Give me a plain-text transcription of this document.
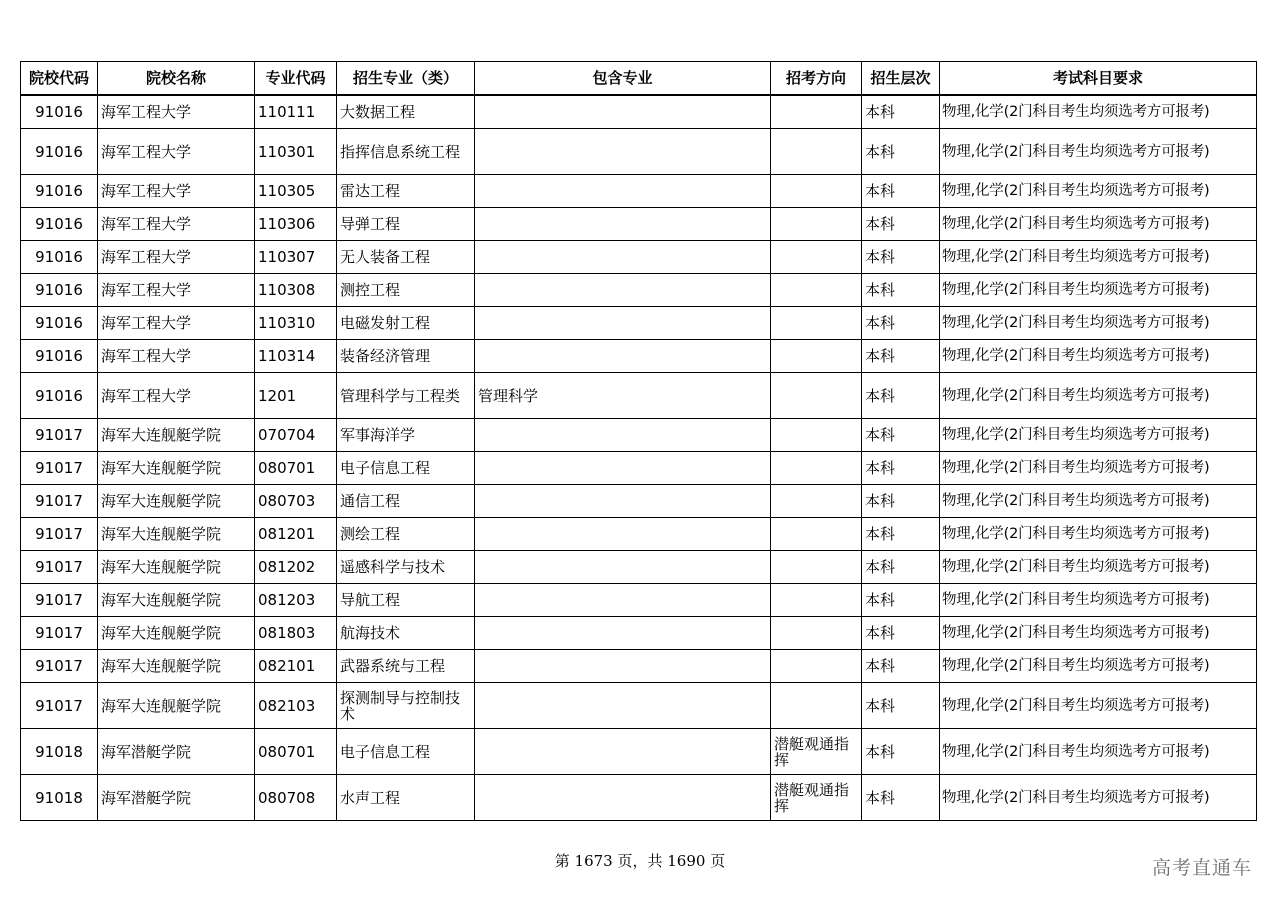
院校代码	院校名称	专业代码	招生专业（类）	包含专业	招考方向	招生层次	考试科目要求
91016	海军工程大学	110111	大数据工程			本科	物理,化学(2门科目考生均须选考方可报考)
91016	海军工程大学	110301	指挥信息系统工程			本科	物理,化学(2门科目考生均须选考方可报考)
91016	海军工程大学	110305	雷达工程			本科	物理,化学(2门科目考生均须选考方可报考)
91016	海军工程大学	110306	导弹工程			本科	物理,化学(2门科目考生均须选考方可报考)
91016	海军工程大学	110307	无人装备工程			本科	物理,化学(2门科目考生均须选考方可报考)
91016	海军工程大学	110308	测控工程			本科	物理,化学(2门科目考生均须选考方可报考)
91016	海军工程大学	110310	电磁发射工程			本科	物理,化学(2门科目考生均须选考方可报考)
91016	海军工程大学	110314	装备经济管理			本科	物理,化学(2门科目考生均须选考方可报考)
91016	海军工程大学	1201	管理科学与工程类	管理科学		本科	物理,化学(2门科目考生均须选考方可报考)
91017	海军大连舰艇学院	070704	军事海洋学			本科	物理,化学(2门科目考生均须选考方可报考)
91017	海军大连舰艇学院	080701	电子信息工程			本科	物理,化学(2门科目考生均须选考方可报考)
91017	海军大连舰艇学院	080703	通信工程			本科	物理,化学(2门科目考生均须选考方可报考)
91017	海军大连舰艇学院	081201	测绘工程			本科	物理,化学(2门科目考生均须选考方可报考)
91017	海军大连舰艇学院	081202	遥感科学与技术			本科	物理,化学(2门科目考生均须选考方可报考)
91017	海军大连舰艇学院	081203	导航工程			本科	物理,化学(2门科目考生均须选考方可报考)
91017	海军大连舰艇学院	081803	航海技术			本科	物理,化学(2门科目考生均须选考方可报考)
91017	海军大连舰艇学院	082101	武器系统与工程			本科	物理,化学(2门科目考生均须选考方可报考)
91017	海军大连舰艇学院	082103	探测制导与控制技术			本科	物理,化学(2门科目考生均须选考方可报考)
91018	海军潜艇学院	080701	电子信息工程		潜艇观通指挥	本科	物理,化学(2门科目考生均须选考方可报考)
91018	海军潜艇学院	080708	水声工程		潜艇观通指挥	本科	物理,化学(2门科目考生均须选考方可报考)
第 1673 页，共 1690 页	高考直通车
